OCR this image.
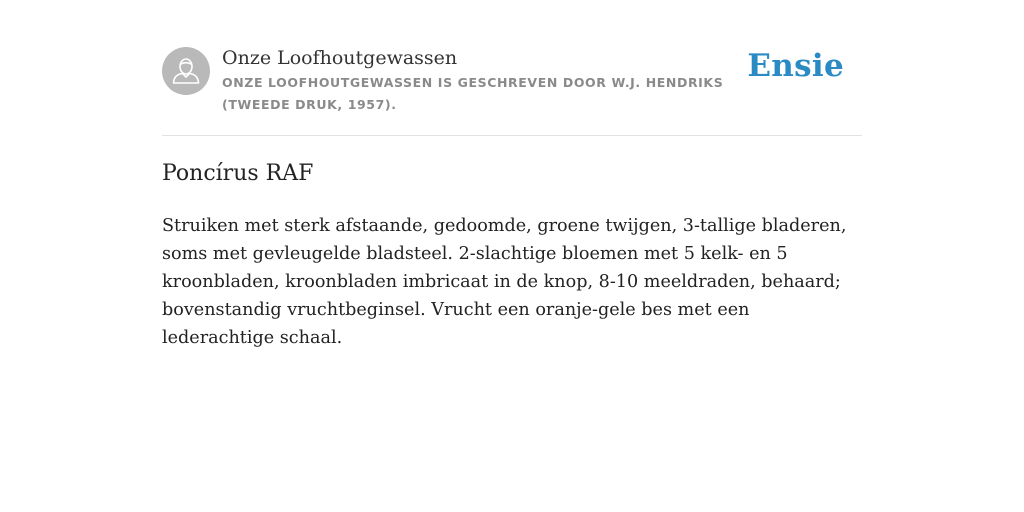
Onze Loofhoutgewassen

ONZE LOOFHOUTGEWASSEN IS GESCHREVEN DOOR W.J. HENDRIKS (TWEEDE DRUK, 1957).

Ensie
Poncírus RAF

Struiken met sterk afstaande, gedoomde, groene twijgen, 3-tallige bladeren, soms met gevleugelde bladsteel. 2-slachtige bloemen met 5 kelk- en 5 kroonbladen, kroonbladen imbricaat in de knop, 8-10 meeldraden, behaard; bovenstandig vruchtbeginsel. Vrucht een oranje-gele bes met een lederachtige schaal.
